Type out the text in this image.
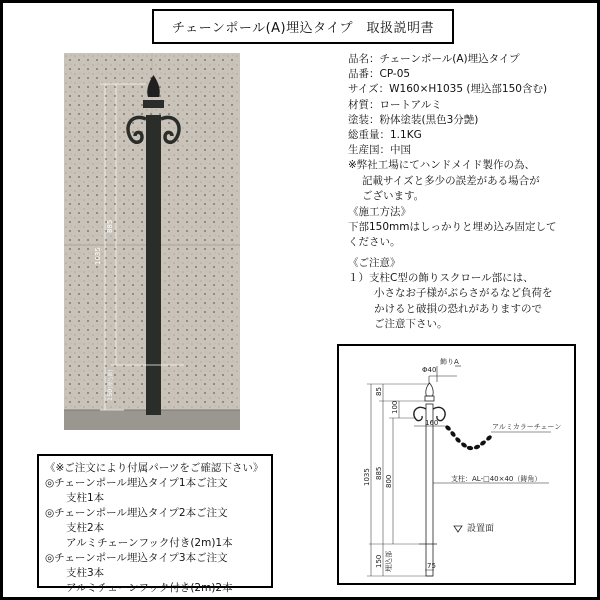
チェーンポール(A)埋込タイプ　取扱説明書
1035
885
150(埋込部)
品名：チェーンポール(A)埋込タイプ
品番：CP-05
サイズ：W160×H1035 (埋込部150含む)
材質：ロートアルミ
塗装：粉体塗装(黒色3分艶)
総重量：1.1KG
生産国：中国
※弊社工場にてハンドメイド製作の為、
記載サイズと多少の誤差がある場合が
ございます。
《施工方法》
下部150mmはしっかりと埋め込み固定して
ください。
《ご注意》
１）支柱C型の飾りスクロール部には、
小さなお子様がぶらさがるなど負荷を
かけると破損の恐れがありますので
ご注意下さい。
《※ご注文により付属パーツをご確認下さい》
◎チェーンポール埋込タイプ1本ご注文
支柱1本
◎チェーンポール埋込タイプ2本ご注文
支柱2本
アルミチェーンフック付き(2m)1本
◎チェーンポール埋込タイプ3本ご注文
支柱3本
アルミチェーンフック付き(2m)2本
Φ40
飾りA
アルミカラーチェーン
支柱：AL-□40×40（鋳角）
設置面
160
85
100
1035 885
800
150 埋込部	75
